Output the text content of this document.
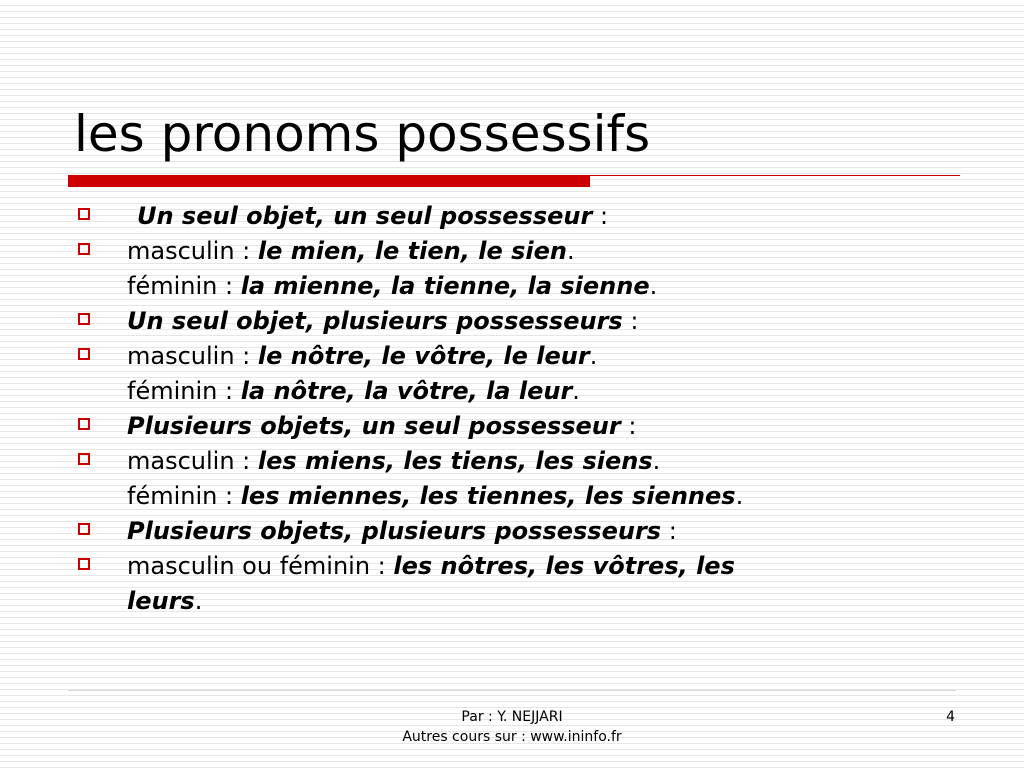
les pronoms possessifs
Un seul objet, un seul possesseur :
masculin : le mien, le tien, le sien.
féminin : la mienne, la tienne, la sienne.
Un seul objet, plusieurs possesseurs :
masculin : le nôtre, le vôtre, le leur.
féminin : la nôtre, la vôtre, la leur.
Plusieurs objets, un seul possesseur :
masculin : les miens, les tiens, les siens.
féminin : les miennes, les tiennes, les siennes.
Plusieurs objets, plusieurs possesseurs :
masculin ou féminin : les nôtres, les vôtres, les
leurs.
Par : Y. NEJJARI
Autres cours sur : www.ininfo.fr
4
